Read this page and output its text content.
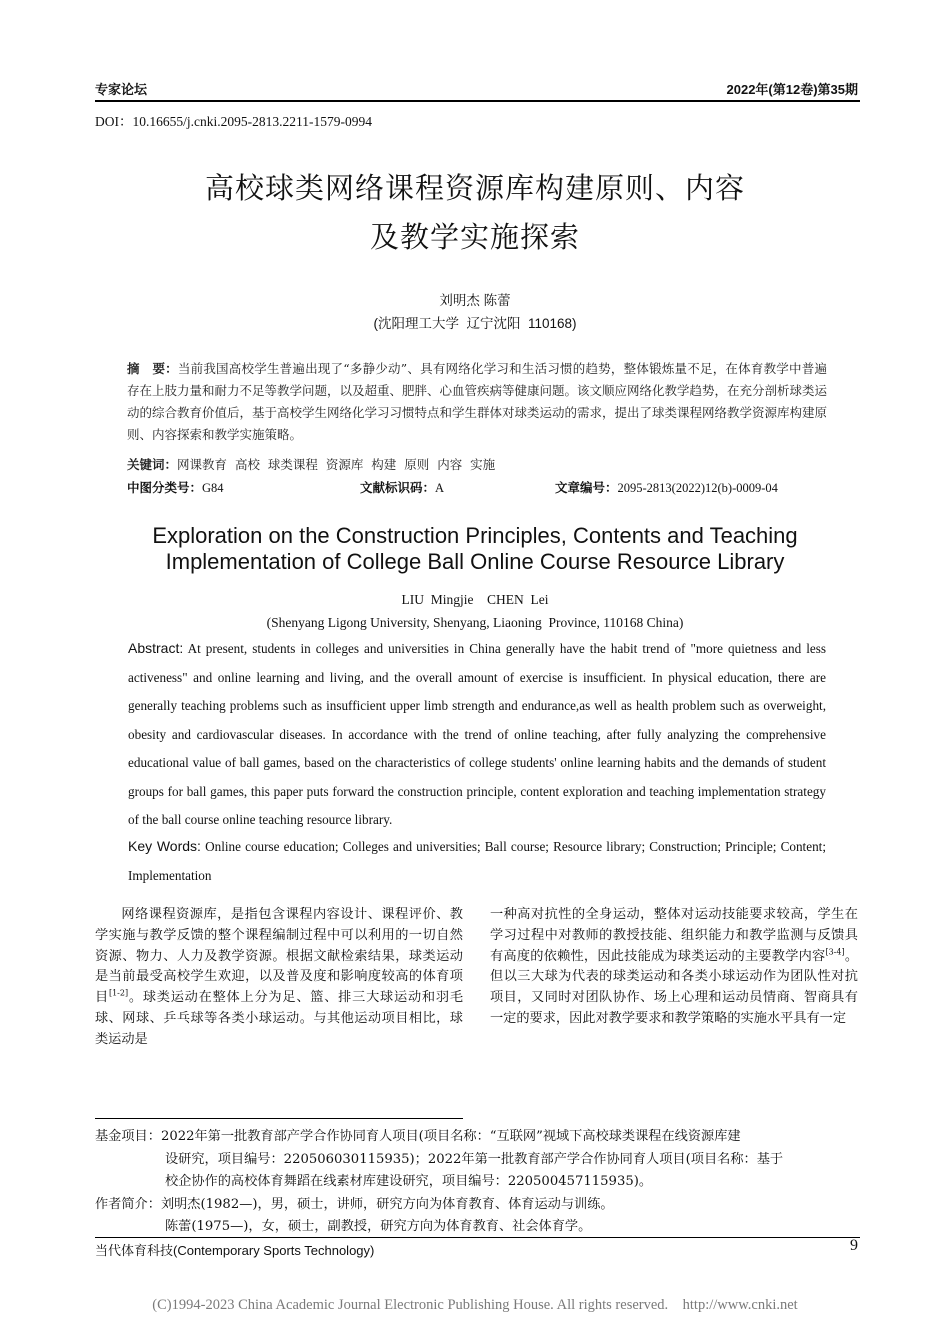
专家论坛	2022年(第12卷)第35期
DOI：10.16655/j.cnki.2095-2813.2211-1579-0994
高校球类网络课程资源库构建原则、内容
及教学实施探索
刘明杰 陈蕾
(沈阳理工大学  辽宁沈阳  110168)
摘　要：当前我国高校学生普遍出现了“多静少动”、具有网络化学习和生活习惯的趋势，整体锻炼量不足，在体育教学中普遍存在上肢力量和耐力不足等教学问题，以及超重、肥胖、心血管疾病等健康问题。该文顺应网络化教学趋势，在充分剖析球类运动的综合教育价值后，基于高校学生网络化学习习惯特点和学生群体对球类运动的需求，提出了球类课程网络教学资源库构建原则、内容探索和教学实施策略。
关键词：网课教育  高校  球类课程  资源库  构建  原则  内容  实施
中图分类号：G84	文献标识码：A	文章编号：2095-2813(2022)12(b)-0009-04
Exploration on the Construction Principles, Contents and Teaching
Implementation of College Ball Online Course Resource Library
LIU  Mingjie    CHEN  Lei
(Shenyang Ligong University, Shenyang, Liaoning  Province, 110168 China)
Abstract: At present, students in colleges and universities in China generally have the habit trend of "more quietness and less activeness" and online learning and living, and the overall amount of exercise is insufficient. In physical education, there are generally teaching problems such as insufficient upper limb strength and endurance,as well as health problem such as overweight, obesity and cardiovascular diseases. In accordance with the trend of online teaching, after fully analyzing the comprehensive educational value of ball games, based on the characteristics of college students' online learning habits and the demands of student groups for ball games, this paper puts forward the construction principle, content exploration and teaching implementation strategy of the ball course online teaching resource library.
Key Words: Online course education; Colleges and universities; Ball course; Resource library; Construction; Principle; Content; Implementation
网络课程资源库，是指包含课程内容设计、课程评价、教学实施与教学反馈的整个课程编制过程中可以利用的一切自然资源、物力、人力及教学资源。根据文献检索结果，球类运动是当前最受高校学生欢迎，以及普及度和影响度较高的体育项目[1-2]。球类运动在整体上分为足、篮、排三大球运动和羽毛球、网球、乒乓球等各类小球运动。与其他运动项目相比，球类运动是
一种高对抗性的全身运动，整体对运动技能要求较高，学生在学习过程中对教师的教授技能、组织能力和教学监测与反馈具有高度的依赖性，因此技能成为球类运动的主要教学内容[3-4]。但以三大球为代表的球类运动和各类小球运动作为团队性对抗项目，又同时对团队协作、场上心理和运动员情商、智商具有一定的要求，因此对教学要求和教学策略的实施水平具有一定
基金项目：2022年第一批教育部产学合作协同育人项目(项目名称：“互联网”视域下高校球类课程在线资源库建
设研究，项目编号：220506030115935)；2022年第一批教育部产学合作协同育人项目(项目名称：基于
校企协作的高校体育舞蹈在线素材库建设研究，项目编号：220500457115935)。
作者简介：刘明杰(1982—)，男，硕士，讲师，研究方向为体育教育、体育运动与训练。
陈蕾(1975—)，女，硕士，副教授，研究方向为体育教育、社会体育学。
当代体育科技(Contemporary Sports Technology)	9
(C)1994-2023 China Academic Journal Electronic Publishing House. All rights reserved.    http://www.cnki.net
